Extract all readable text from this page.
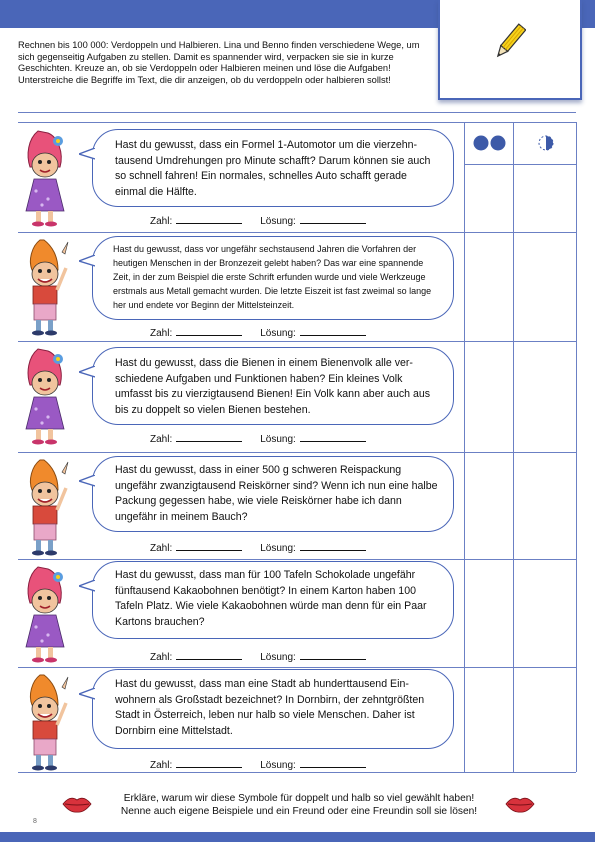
Rechnen bis 100 000: Verdoppeln und Halbieren. Lina und Benno finden verschiedene Wege, um sich gegenseitig Aufgaben zu stellen. Damit es spannender wird, verpacken sie sie in kurze Geschichten. Kreuze an, ob sie Verdoppeln oder Halbieren meinen und löse die Aufgaben! Unterstreiche die Begriffe im Text, die dir anzeigen, ob du verdoppeln oder halbieren sollst!

Hast du gewusst, dass ein Formel 1-Automotor um die vierzehn-tausend Umdrehungen pro Minute schafft? Darum können sie auch so schnell fahren! Ein normales, schnelles Auto schafft gerade einmal die Hälfte.

Zahl:	Lösung:

Hast du gewusst, dass vor ungefähr sechstausend Jahren die Vorfahren der heutigen Menschen in der Bronzezeit gelebt haben? Das war eine spannende Zeit, in der zum Beispiel die erste Schrift erfunden wurde und viele Werkzeuge erstmals aus Metall gemacht wurden. Die letzte Eiszeit ist fast zweimal so lange her und endete vor Beginn der Mittelsteinzeit.

Zahl:	Lösung:

Hast du gewusst, dass die Bienen in einem Bienenvolk alle ver-schiedene Aufgaben und Funktionen haben? Ein kleines Volk umfasst bis zu vierzigtausend Bienen! Ein Volk kann aber auch aus bis zu doppelt so vielen Bienen bestehen.

Zahl:	Lösung:

Hast du gewusst, dass in einer 500 g schweren Reispackung ungefähr zwanzigtausend Reiskörner sind? Wenn ich nun eine halbe Packung gegessen habe, wie viele Reiskörner habe ich dann ungefähr in meinem Bauch?

Zahl:	Lösung:

Hast du gewusst, dass man für 100 Tafeln Schokolade ungefähr fünftausend Kakaobohnen benötigt? In einem Karton haben 100 Tafeln Platz. Wie viele Kakaobohnen würde man denn für ein Paar Kartons brauchen?

Zahl:	Lösung:

Hast du gewusst, dass man eine Stadt ab hunderttausend Ein-wohnern als Großstadt bezeichnet? In Dornbirn, der zehntgrößten Stadt in Österreich, leben nur halb so viele Menschen. Daher ist Dornbirn eine Mittelstadt.

Zahl:	Lösung:
Erkläre, warum wir diese Symbole für doppelt und halb so viel gewählt haben!
Nenne auch eigene Beispiele und ein Freund oder eine Freundin soll sie lösen!
8
